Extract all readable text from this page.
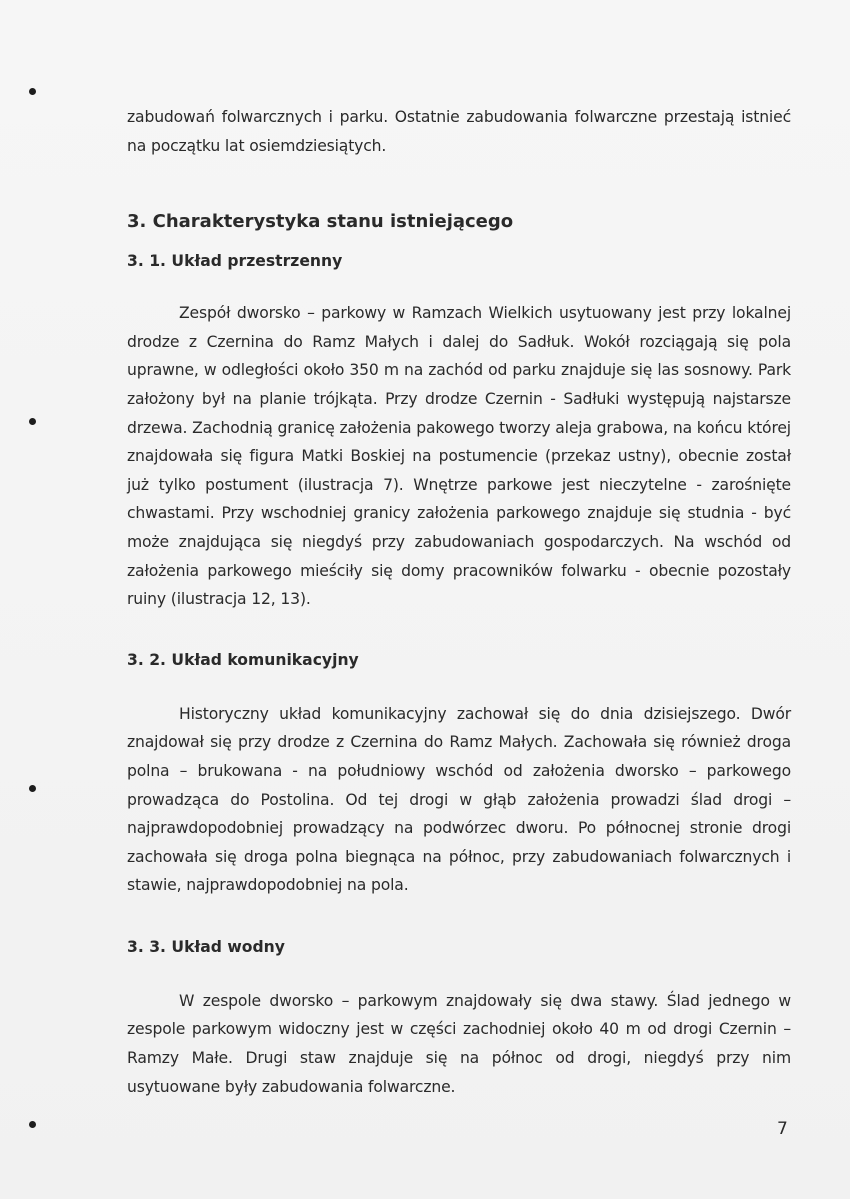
zabudowań folwarcznych i parku. Ostatnie zabudowania folwarczne przestają istnieć na początku lat osiemdziesiątych.

3. Charakterystyka stanu istniejącego
3. 1. Układ przestrzenny

Zespół dworsko – parkowy w Ramzach Wielkich usytuowany jest przy lokalnej drodze z Czernina do Ramz Małych i dalej do Sadłuk. Wokół rozciągają się pola uprawne, w odległości około 350 m na zachód od parku znajduje się las sosnowy. Park założony był na planie trójkąta. Przy drodze Czernin - Sadłuki występują najstarsze drzewa. Zachodnią granicę założenia pakowego tworzy aleja grabowa, na końcu której znajdowała się figura Matki Boskiej na postumencie (przekaz ustny), obecnie został już tylko postument (ilustracja 7). Wnętrze parkowe jest nieczytelne - zarośnięte chwastami. Przy wschodniej granicy założenia parkowego znajduje się studnia - być może znajdująca się niegdyś przy zabudowaniach gospodarczych. Na wschód od założenia parkowego mieściły się domy pracowników folwarku - obecnie pozostały ruiny (ilustracja 12, 13).

3. 2. Układ komunikacyjny

Historyczny układ komunikacyjny zachował się do dnia dzisiejszego. Dwór znajdował się przy drodze z Czernina do Ramz Małych. Zachowała się również droga polna – brukowana - na południowy wschód od założenia dworsko – parkowego prowadząca do Postolina. Od tej drogi w głąb założenia prowadzi ślad drogi – najprawdopodobniej prowadzący na podwórzec dworu. Po północnej stronie drogi zachowała się droga polna biegnąca na północ, przy zabudowaniach folwarcznych i stawie, najprawdopodobniej na pola.

3. 3. Układ wodny

W zespole dworsko – parkowym znajdowały się dwa stawy. Ślad jednego w zespole parkowym widoczny jest w części zachodniej około 40 m od drogi Czernin – Ramzy Małe. Drugi staw znajduje się na północ od drogi, niegdyś przy nim usytuowane były zabudowania folwarczne.

7
